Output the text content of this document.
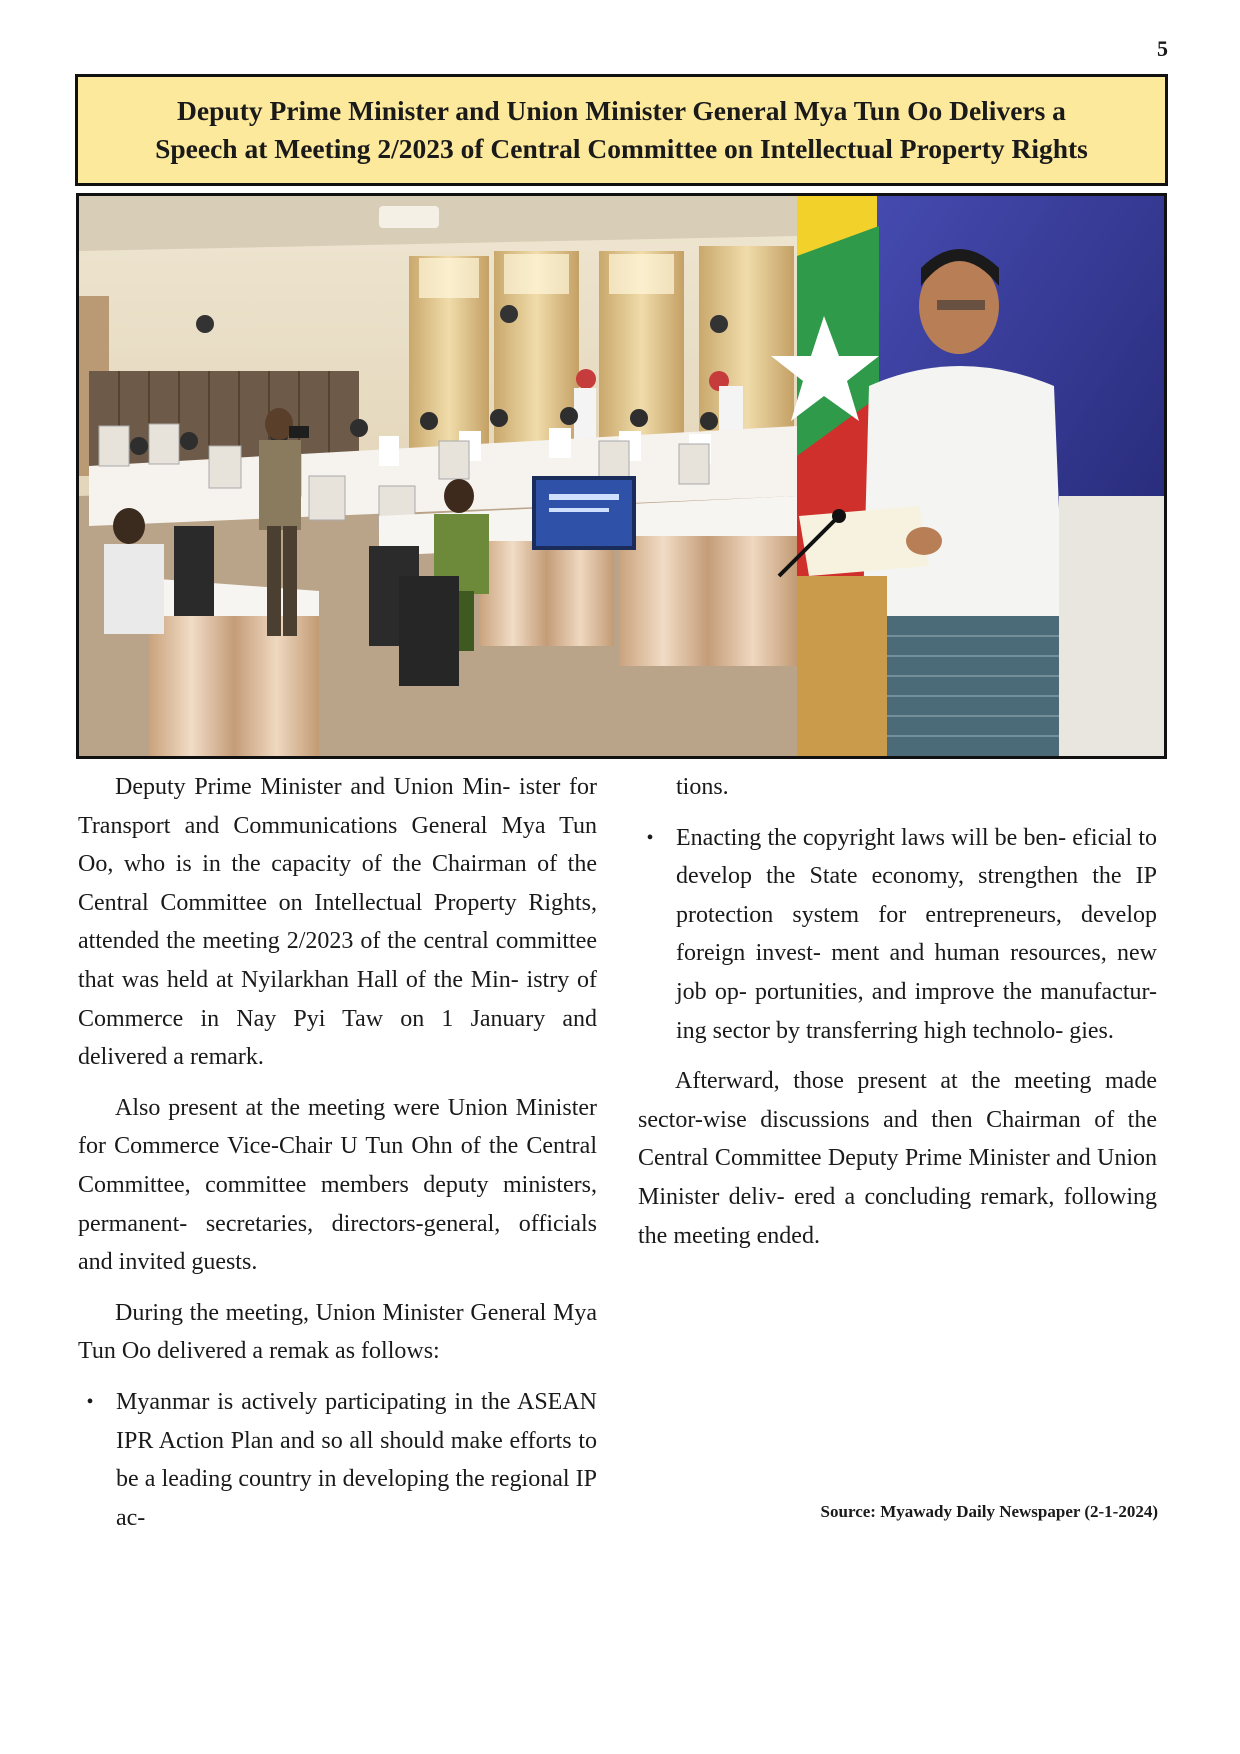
5
Deputy Prime Minister and Union Minister General Mya Tun Oo Delivers a
Speech at Meeting 2/2023 of Central Committee on Intellectual Property Rights

Deputy Prime Minister and Union Min- ister for Transport and Communications General Mya Tun Oo, who is in the capacity of the Chairman of the Central Committee on Intellectual Property Rights, attended the meeting 2/2023 of the central committee that was held at Nyilarkhan Hall of the Min- istry of Commerce in Nay Pyi Taw on 1 January and delivered a remark.

Also present at the meeting were Union Minister for Commerce Vice-Chair U Tun Ohn of the Central Committee, committee members deputy ministers, permanent- secretaries, directors-general, officials and invited guests.

During the meeting, Union Minister General Mya Tun Oo delivered a remak as follows:

• Myanmar is actively participating in the ASEAN IPR Action Plan and so all should make efforts to be a leading country in developing the regional IP ac-

tions.

• Enacting the copyright laws will be ben- eficial to develop the State economy, strengthen the IP protection system for entrepreneurs, develop foreign invest- ment and human resources, new job op- portunities, and improve the manufactur- ing sector by transferring high technolo- gies.

Afterward, those present at the meeting made sector-wise discussions and then Chairman of the Central Committee Deputy Prime Minister and Union Minister deliv- ered a concluding remark, following the meeting ended.

Source: Myawady Daily Newspaper (2-1-2024)
